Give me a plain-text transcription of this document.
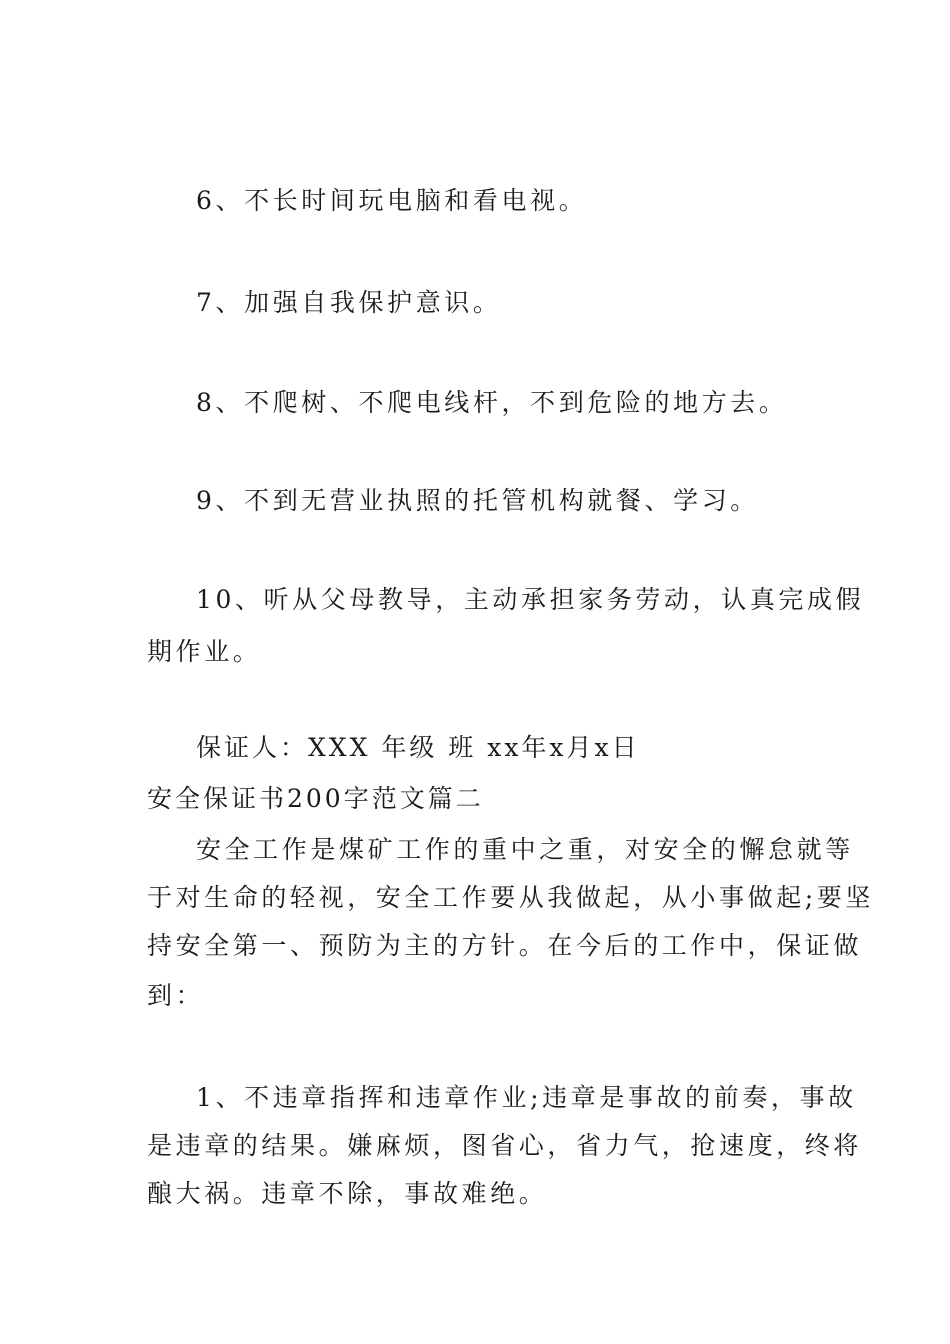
6、不长时间玩电脑和看电视。

7、加强自我保护意识。

8、不爬树、不爬电线杆，不到危险的地方去。

9、不到无营业执照的托管机构就餐、学习。

10、听从父母教导，主动承担家务劳动，认真完成假

期作业。

保证人：XXX 年级 班 xx年x月x日

安全保证书200字范文篇二

安全工作是煤矿工作的重中之重，对安全的懈怠就等

于对生命的轻视，安全工作要从我做起，从小事做起;要坚

持安全第一、预防为主的方针。在今后的工作中，保证做

到：

1、不违章指挥和违章作业;违章是事故的前奏，事故

是违章的结果。嫌麻烦，图省心，省力气，抢速度，终将

酿大祸。违章不除，事故难绝。
